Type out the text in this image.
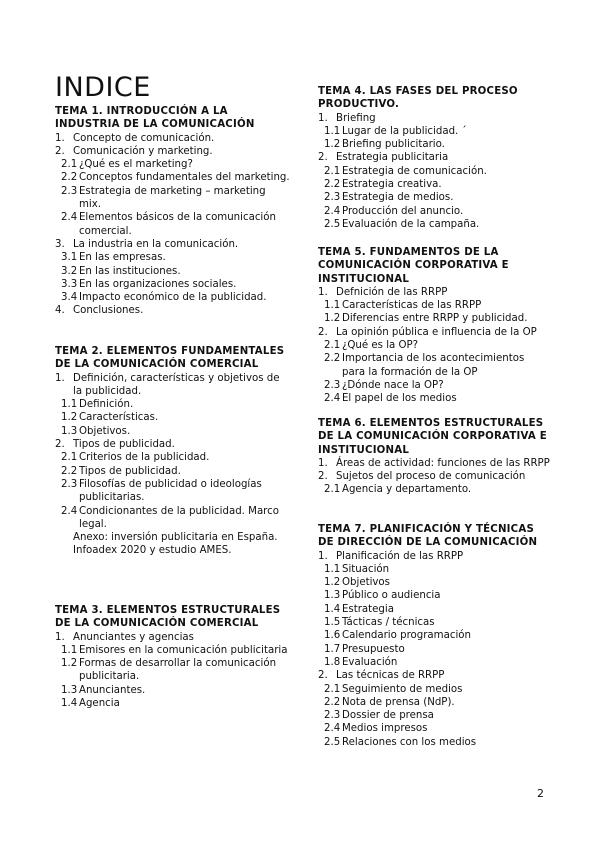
INDICE
TEMA 1. INTRODUCCIÓN A LA INDUSTRIA DE LA COMUNICACIÓN
1. Concepto de comunicación.
2. Comunicación y marketing.
2.1 ¿Qué es el marketing?
2.2 Conceptos fundamentales del marketing.
2.3 Estrategia de marketing – marketing mix.
2.4 Elementos básicos de la comunicación comercial.
3. La industria en la comunicación.
3.1 En las empresas.
3.2 En las instituciones.
3.3 En las organizaciones sociales.
3.4 Impacto económico de la publicidad.
4. Conclusiones.
TEMA 2. ELEMENTOS FUNDAMENTALES DE LA COMUNICACIÓN COMERCIAL
1. Definición, características y objetivos de la publicidad.
1.1 Definición.
1.2 Características.
1.3 Objetivos.
2. Tipos de publicidad.
2.1 Criterios de la publicidad.
2.2 Tipos de publicidad.
2.3 Filosofías de publicidad o ideologías publicitarias.
2.4 Condicionantes de la publicidad. Marco legal.
Anexo: inversión publicitaria en España. Infoadex 2020 y estudio AMES.
TEMA 3. ELEMENTOS ESTRUCTURALES DE LA COMUNICACIÓN COMERCIAL
1. Anunciantes y agencias
1.1 Emisores en la comunicación publicitaria
1.2 Formas de desarrollar la comunicación publicitaria.
1.3 Anunciantes.
1.4 Agencia
TEMA 4. LAS FASES DEL PROCESO PRODUCTIVO.
1. Briefing
1.1 Lugar de la publicidad. ´
1.2 Briefing publicitario.
2. Estrategia publicitaria
2.1 Estrategia de comunicación.
2.2 Estrategia creativa.
2.3 Estrategia de medios.
2.4 Producción del anuncio.
2.5 Evaluación de la campaña.
TEMA 5. FUNDAMENTOS DE LA COMUNICACIÓN CORPORATIVA E INSTITUCIONAL
1. Defnición de las RRPP
1.1 Características de las RRPP
1.2 Diferencias entre RRPP y publicidad.
2. La opinión pública e influencia de la OP
2.1 ¿Qué es la OP?
2.2 Importancia de los acontecimientos para la formación de la OP
2.3 ¿Dónde nace la OP?
2.4 El papel de los medios
TEMA 6. ELEMENTOS ESTRUCTURALES DE LA COMUNICACIÓN CORPORATIVA E INSTITUCIONAL
1. Áreas de actividad: funciones de las RRPP
2. Sujetos del proceso de comunicación
2.1 Agencia y departamento.
TEMA 7. PLANIFICACIÓN Y TÉCNICAS DE DIRECCIÓN DE LA COMUNICACIÓN
1. Planificación de las RRPP
1.1 Situación
1.2 Objetivos
1.3 Público o audiencia
1.4 Estrategia
1.5 Tácticas / técnicas
1.6 Calendario programación
1.7 Presupuesto
1.8 Evaluación
2. Las técnicas de RRPP
2.1 Seguimiento de medios
2.2 Nota de prensa (NdP).
2.3 Dossier de prensa
2.4 Medios impresos
2.5 Relaciones con los medios
2
